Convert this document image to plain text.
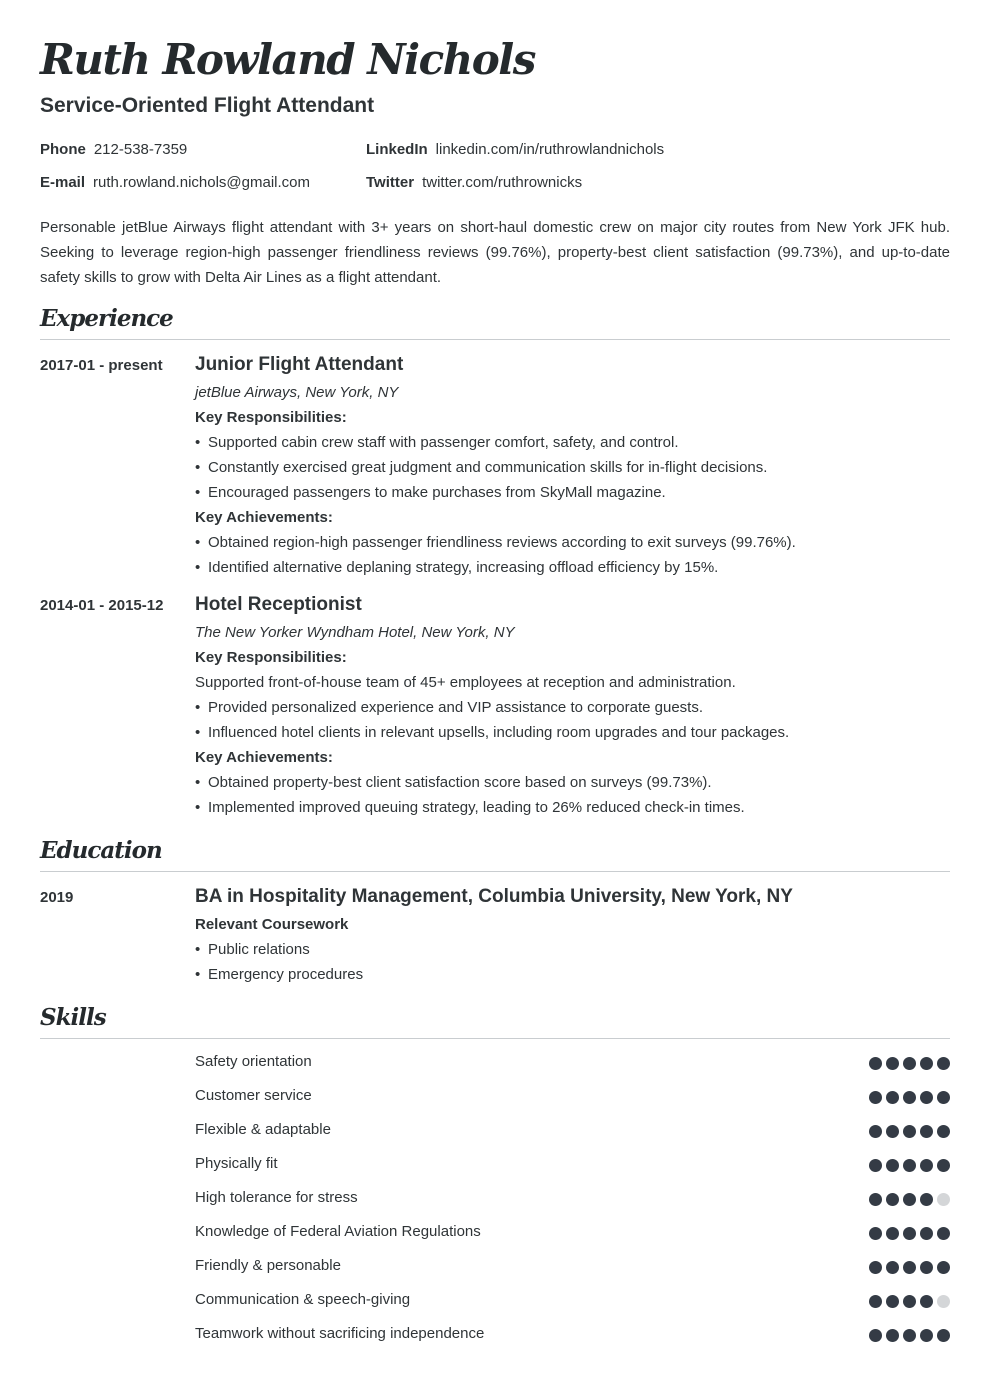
Ruth Rowland Nichols
Service-Oriented Flight Attendant
Phone 212-538-7359	LinkedIn linkedin.com/in/ruthrowlandnichols
E-mail ruth.rowland.nichols@gmail.com	Twitter twitter.com/ruthrownicks
Personable jetBlue Airways flight attendant with 3+ years on short-haul domestic crew on major city routes from New York JFK hub. Seeking to leverage region-high passenger friendliness reviews (99.76%), property-best client satisfaction (99.73%), and up-to-date safety skills to grow with Delta Air Lines as a flight attendant.
Experience
2017-01 - present Junior Flight Attendant
jetBlue Airways, New York, NY
Key Responsibilities:
• Supported cabin crew staff with passenger comfort, safety, and control.
• Constantly exercised great judgment and communication skills for in-flight decisions.
• Encouraged passengers to make purchases from SkyMall magazine.
Key Achievements:
• Obtained region-high passenger friendliness reviews according to exit surveys (99.76%).
• Identified alternative deplaning strategy, increasing offload efficiency by 15%.
2014-01 - 2015-12 Hotel Receptionist
The New Yorker Wyndham Hotel, New York, NY
Key Responsibilities:
Supported front-of-house team of 45+ employees at reception and administration.
• Provided personalized experience and VIP assistance to corporate guests.
• Influenced hotel clients in relevant upsells, including room upgrades and tour packages.
Key Achievements:
• Obtained property-best client satisfaction score based on surveys (99.73%).
• Implemented improved queuing strategy, leading to 26% reduced check-in times.
Education
2019	BA in Hospitality Management, Columbia University, New York, NY
Relevant Coursework
• Public relations
• Emergency procedures
Skills
Safety orientation
Customer service
Flexible & adaptable
Physically fit
High tolerance for stress
Knowledge of Federal Aviation Regulations
Friendly & personable
Communication & speech-giving
Teamwork without sacrificing independence
